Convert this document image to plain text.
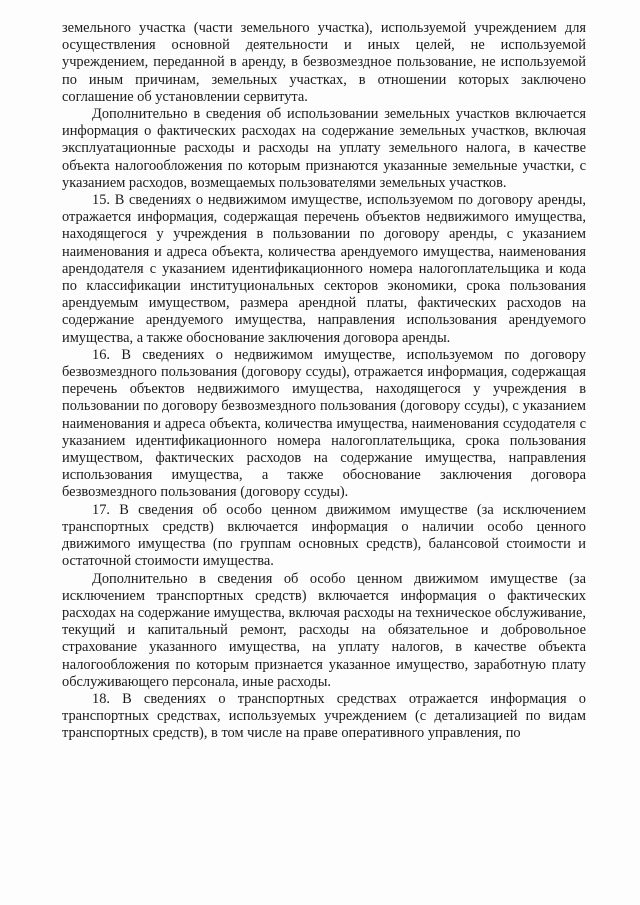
земельного участка (части земельного участка), используемой учреждением для осуществления основной деятельности и иных целей, не используемой учреждением, переданной в аренду, в безвозмездное пользование, не используемой по иным причинам, земельных участках, в отношении которых заключено соглашение об установлении сервитута.

Дополнительно в сведения об использовании земельных участков включается информация о фактических расходах на содержание земельных участков, включая эксплуатационные расходы и расходы на уплату земельного налога, в качестве объекта налогообложения по которым признаются указанные земельные участки, с указанием расходов, возмещаемых пользователями земельных участков.

15. В сведениях о недвижимом имуществе, используемом по договору аренды, отражается информация, содержащая перечень объектов недвижимого имущества, находящегося у учреждения в пользовании по договору аренды, с указанием наименования и адреса объекта, количества арендуемого имущества, наименования арендодателя с указанием идентификационного номера налогоплательщика и кода по классификации институциональных секторов экономики, срока пользования арендуемым имуществом, размера арендной платы, фактических расходов на содержание арендуемого имущества, направления использования арендуемого имущества, а также обоснование заключения договора аренды.

16. В сведениях о недвижимом имуществе, используемом по договору безвозмездного пользования (договору ссуды), отражается информация, содержащая перечень объектов недвижимого имущества, находящегося у учреждения в пользовании по договору безвозмездного пользования (договору ссуды), с указанием наименования и адреса объекта, количества имущества, наименования ссудодателя с указанием идентификационного номера налогоплательщика, срока пользования имуществом, фактических расходов на содержание имущества, направления использования имущества, а также обоснование заключения договора безвозмездного пользования (договору ссуды).

17. В сведения об особо ценном движимом имуществе (за исключением транспортных средств) включается информация о наличии особо ценного движимого имущества (по группам основных средств), балансовой стоимости и остаточной стоимости имущества.

Дополнительно в сведения об особо ценном движимом имуществе (за исключением транспортных средств) включается информация о фактических расходах на содержание имущества, включая расходы на техническое обслуживание, текущий и капитальный ремонт, расходы на обязательное и добровольное страхование указанного имущества, на уплату налогов, в качестве объекта налогообложения по которым признается указанное имущество, заработную плату обслуживающего персонала, иные расходы.

18. В сведениях о транспортных средствах отражается информация о транспортных средствах, используемых учреждением (с детализацией по видам транспортных средств), в том числе на праве оперативного управления, по
